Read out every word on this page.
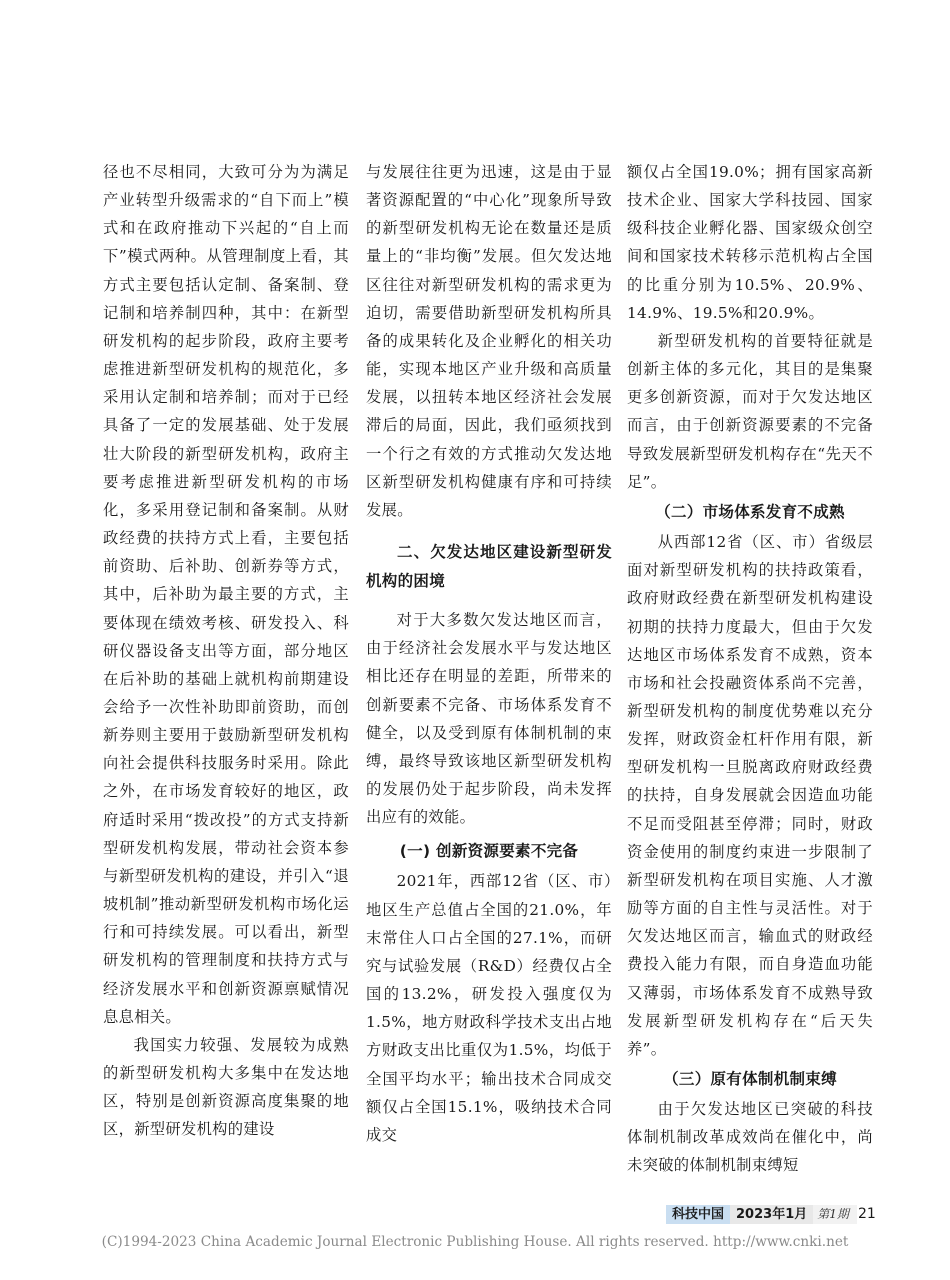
径也不尽相同，大致可分为为满足产业转型升级需求的“自下而上”模式和在政府推动下兴起的“自上而下”模式两种。从管理制度上看，其方式主要包括认定制、备案制、登记制和培养制四种，其中：在新型研发机构的起步阶段，政府主要考虑推进新型研发机构的规范化，多采用认定制和培养制；而对于已经具备了一定的发展基础、处于发展壮大阶段的新型研发机构，政府主要考虑推进新型研发机构的市场化，多采用登记制和备案制。从财政经费的扶持方式上看，主要包括前资助、后补助、创新券等方式，其中，后补助为最主要的方式，主要体现在绩效考核、研发投入、科研仪器设备支出等方面，部分地区在后补助的基础上就机构前期建设会给予一次性补助即前资助，而创新券则主要用于鼓励新型研发机构向社会提供科技服务时采用。除此之外，在市场发育较好的地区，政府适时采用“拨改投”的方式支持新型研发机构发展，带动社会资本参与新型研发机构的建设，并引入“退坡机制”推动新型研发机构市场化运行和可持续发展。可以看出，新型研发机构的管理制度和扶持方式与经济发展水平和创新资源禀赋情况息息相关。

我国实力较强、发展较为成熟的新型研发机构大多集中在发达地区，特别是创新资源高度集聚的地区，新型研发机构的建设

与发展往往更为迅速，这是由于显著资源配置的“中心化”现象所导致的新型研发机构无论在数量还是质量上的“非均衡”发展。但欠发达地区往往对新型研发机构的需求更为迫切，需要借助新型研发机构所具备的成果转化及企业孵化的相关功能，实现本地区产业升级和高质量发展，以扭转本地区经济社会发展滞后的局面，因此，我们亟须找到一个行之有效的方式推动欠发达地区新型研发机构健康有序和可持续发展。

二、欠发达地区建设新型研发机构的困境

对于大多数欠发达地区而言，由于经济社会发展水平与发达地区相比还存在明显的差距，所带来的创新要素不完备、市场体系发育不健全，以及受到原有体制机制的束缚，最终导致该地区新型研发机构的发展仍处于起步阶段，尚未发挥出应有的效能。

(一) 创新资源要素不完备

2021年，西部12省（区、市）地区生产总值占全国的21.0%，年末常住人口占全国的27.1%，而研究与试验发展（R&D）经费仅占全国的13.2%，研发投入强度仅为1.5%，地方财政科学技术支出占地方财政支出比重仅为1.5%，均低于全国平均水平；输出技术合同成交额仅占全国15.1%，吸纳技术合同成交

额仅占全国19.0%；拥有国家高新技术企业、国家大学科技园、国家级科技企业孵化器、国家级众创空间和国家技术转移示范机构占全国的比重分别为10.5%、20.9%、14.9%、19.5%和20.9%。

新型研发机构的首要特征就是创新主体的多元化，其目的是集聚更多创新资源，而对于欠发达地区而言，由于创新资源要素的不完备导致发展新型研发机构存在“先天不足”。

（二）市场体系发育不成熟

从西部12省（区、市）省级层面对新型研发机构的扶持政策看，政府财政经费在新型研发机构建设初期的扶持力度最大，但由于欠发达地区市场体系发育不成熟，资本市场和社会投融资体系尚不完善，新型研发机构的制度优势难以充分发挥，财政资金杠杆作用有限，新型研发机构一旦脱离政府财政经费的扶持，自身发展就会因造血功能不足而受阻甚至停滞；同时，财政资金使用的制度约束进一步限制了新型研发机构在项目实施、人才激励等方面的自主性与灵活性。对于欠发达地区而言，输血式的财政经费投入能力有限，而自身造血功能又薄弱，市场体系发育不成熟导致发展新型研发机构存在“后天失养”。

（三）原有体制机制束缚

由于欠发达地区已突破的科技体制机制改革成效尚在催化中，尚未突破的体制机制束缚短

科技中国 2023年1月 第1期 21
(C)1994-2023 China Academic Journal Electronic Publishing House. All rights reserved. http://www.cnki.net
